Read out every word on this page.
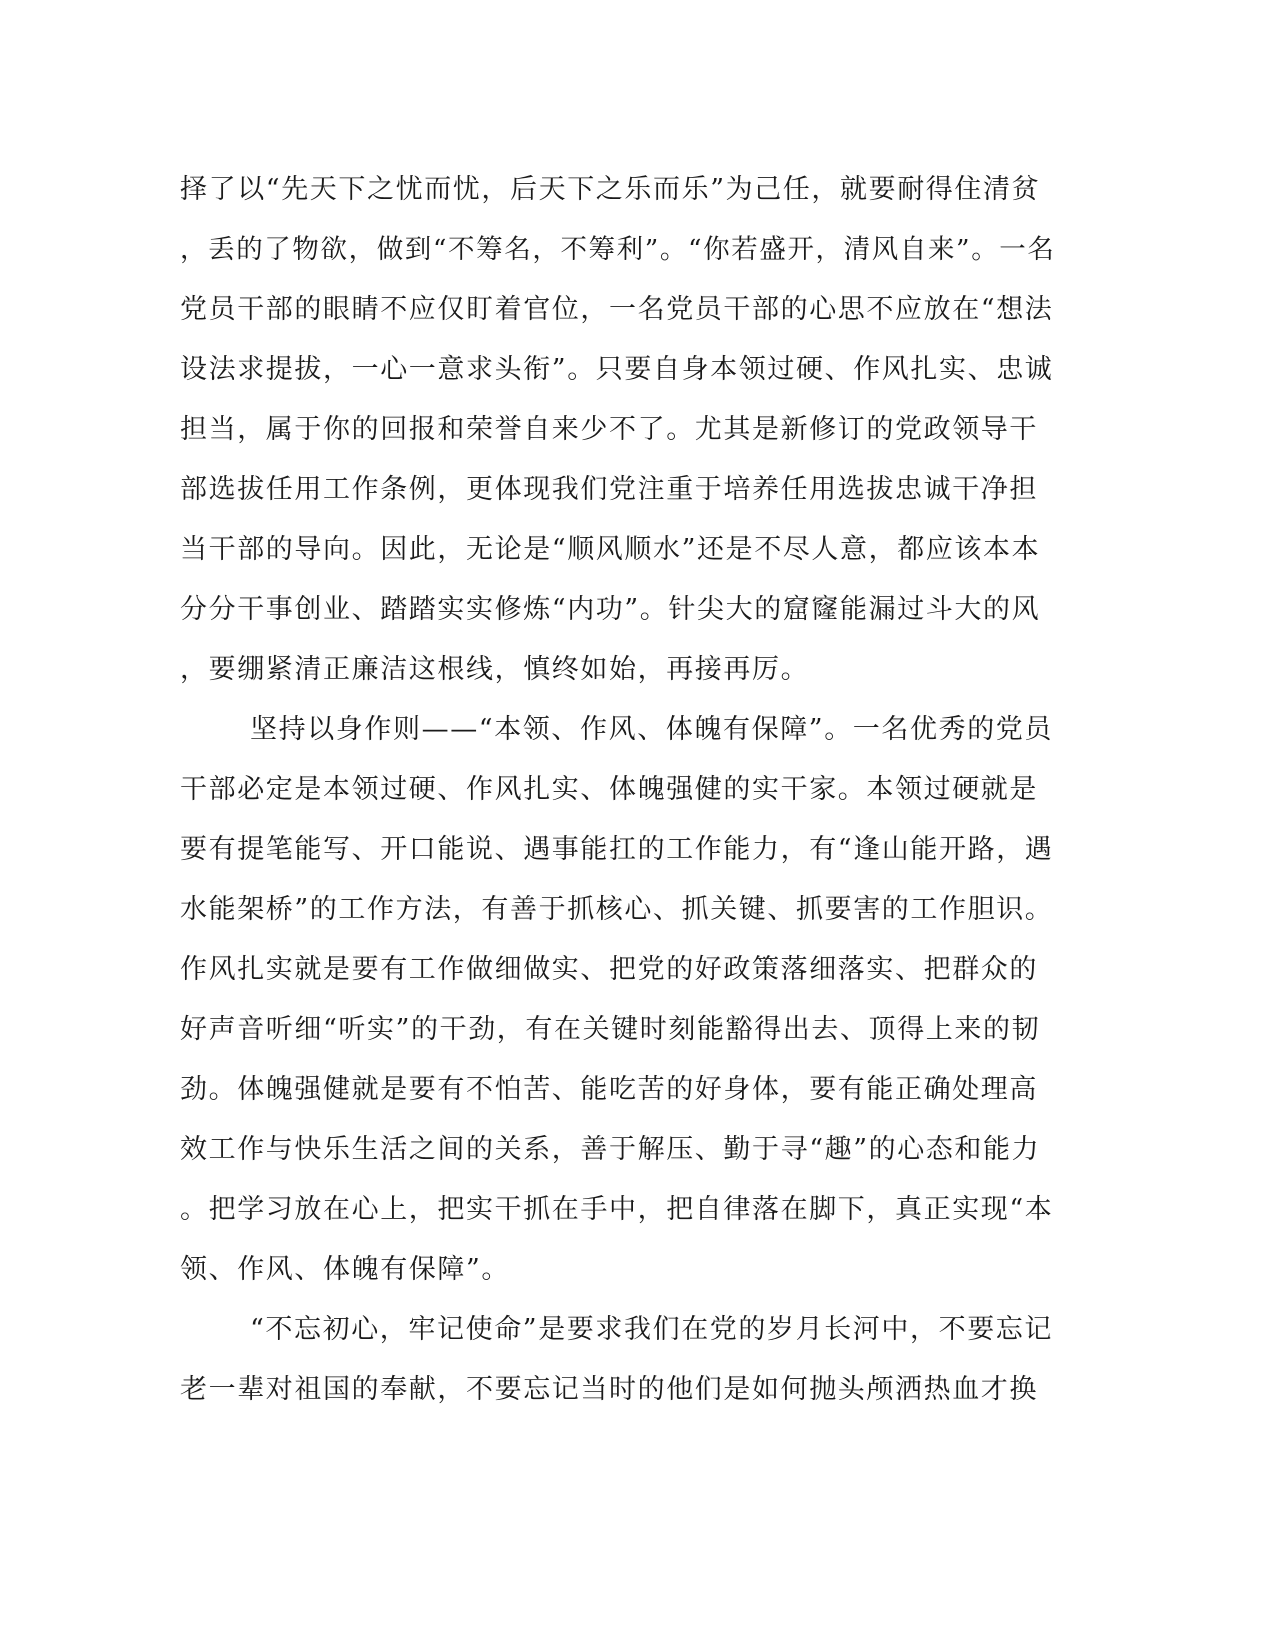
择了以“先天下之忧而忧，后天下之乐而乐”为己任，就要耐得住清贫
，丢的了物欲，做到“不筹名，不筹利”。“你若盛开，清风自来”。一名
党员干部的眼睛不应仅盯着官位，一名党员干部的心思不应放在“想法
设法求提拔，一心一意求头衔”。只要自身本领过硬、作风扎实、忠诚
担当，属于你的回报和荣誉自来少不了。尤其是新修订的党政领导干
部选拔任用工作条例，更体现我们党注重于培养任用选拔忠诚干净担
当干部的导向。因此，无论是“顺风顺水”还是不尽人意，都应该本本
分分干事创业、踏踏实实修炼“内功”。针尖大的窟窿能漏过斗大的风
，要绷紧清正廉洁这根线，慎终如始，再接再厉。
坚持以身作则——“本领、作风、体魄有保障”。一名优秀的党员
干部必定是本领过硬、作风扎实、体魄强健的实干家。本领过硬就是
要有提笔能写、开口能说、遇事能扛的工作能力，有“逢山能开路，遇
水能架桥”的工作方法，有善于抓核心、抓关键、抓要害的工作胆识。
作风扎实就是要有工作做细做实、把党的好政策落细落实、把群众的
好声音听细“听实”的干劲，有在关键时刻能豁得出去、顶得上来的韧
劲。体魄强健就是要有不怕苦、能吃苦的好身体，要有能正确处理高
效工作与快乐生活之间的关系，善于解压、勤于寻“趣”的心态和能力
。把学习放在心上，把实干抓在手中，把自律落在脚下，真正实现“本
领、作风、体魄有保障”。
“不忘初心，牢记使命”是要求我们在党的岁月长河中，不要忘记
老一辈对祖国的奉献，不要忘记当时的他们是如何抛头颅洒热血才换
